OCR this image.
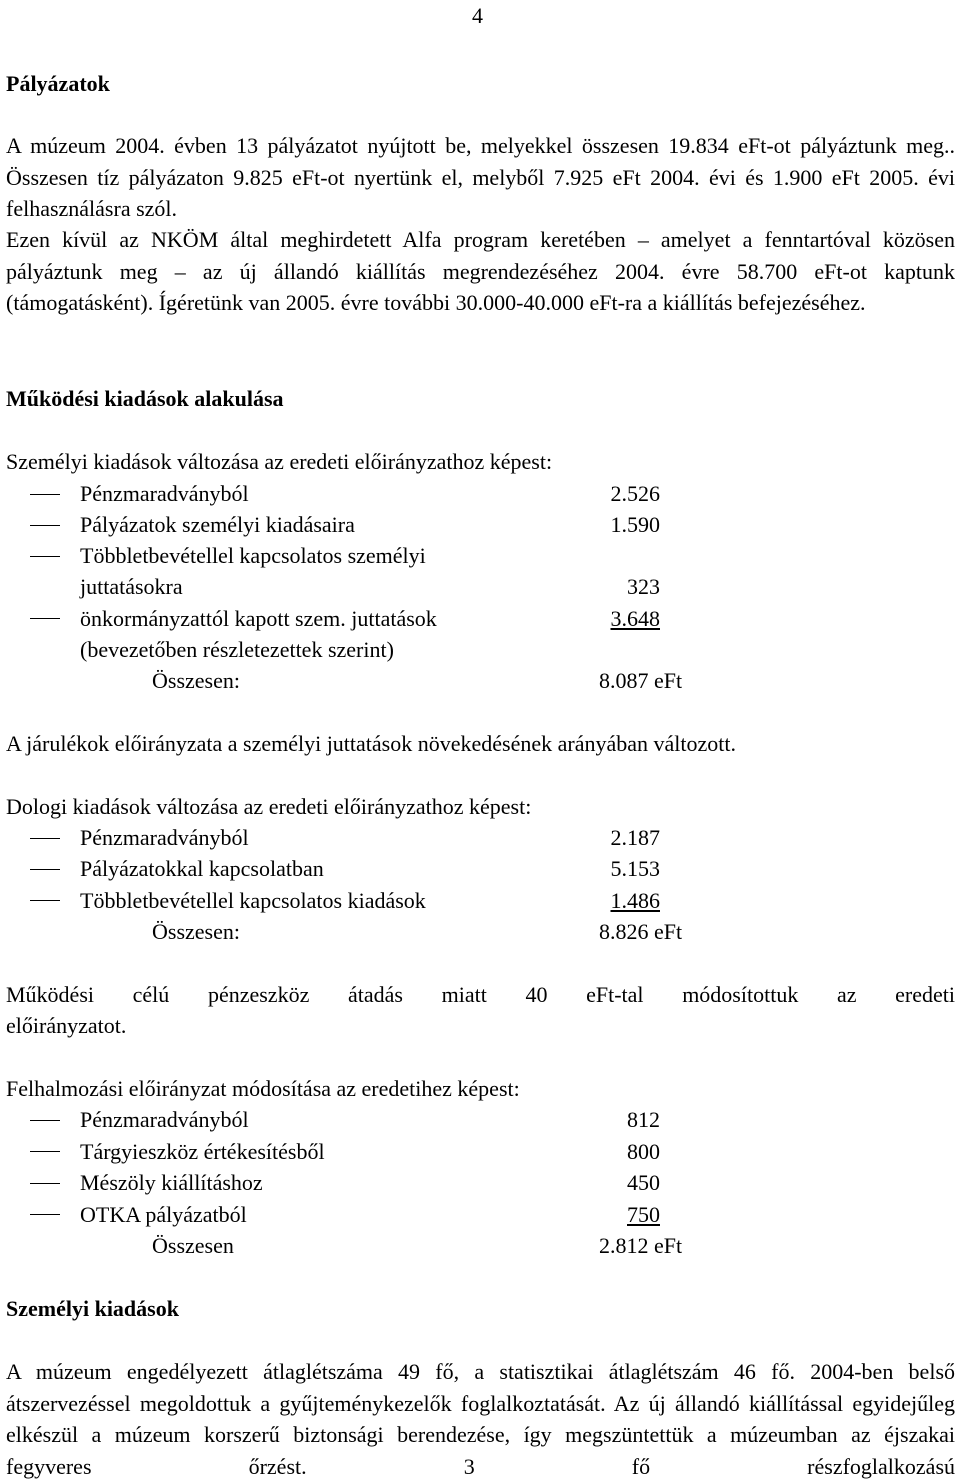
4
Pályázatok

A múzeum 2004. évben 13 pályázatot nyújtott be, melyekkel összesen 19.834 eFt-ot pályáztunk meg.. Összesen tíz pályázaton 9.825 eFt-ot nyertünk el, melyből 7.925 eFt 2004. évi és 1.900 eFt 2005. évi felhasználásra szól.

Ezen kívül az NKÖM által meghirdetett Alfa program keretében – amelyet a fenntartóval közösen pályáztunk meg – az új állandó kiállítás megrendezéséhez 2004. évre 58.700 eFt-ot kaptunk (támogatásként). Ígéretünk van 2005. évre további 30.000-40.000 eFt-ra a kiállítás befejezéséhez.

Működési kiadások alakulása
Személyi kiadások változása az eredeti előirányzathoz képest:
Pénzmaradványból	2.526
Pályázatok személyi kiadásaira	1.590
Többletbevétellel kapcsolatos személyi
juttatásokra	323
önkormányzattól kapott szem. juttatások	3.648
(bevezetőben részletezettek szerint)
Összesen:	8.087 eFt
A járulékok előirányzata a személyi juttatások növekedésének arányában változott.
Dologi kiadások változása az eredeti előirányzathoz képest:
Pénzmaradványból	2.187
Pályázatokkal kapcsolatban	5.153
Többletbevétellel kapcsolatos kiadások	1.486
Összesen:	8.826 eFt
Működési célú pénzeszköz átadás miatt 40 eFt-tal módosítottuk az eredeti
előirányzatot.
Felhalmozási előirányzat módosítása az eredetihez képest:
Pénzmaradványból	812
Tárgyieszköz értékesítésből	800
Mészöly kiállításhoz	450
OTKA pályázatból	750
Összesen	2.812 eFt
Személyi kiadások

A múzeum engedélyezett átlaglétszáma 49 fő, a statisztikai átlaglétszám 46 fő. 2004-ben belső átszervezéssel megoldottuk a gyűjteménykezelők foglalkoztatását. Az új állandó kiállítással egyidejűleg elkészül a múzeum korszerű biztonsági berendezése, így megszüntettük a múzeumban az éjszakai fegyveres őrzést. 3 fő részfoglalkozású
